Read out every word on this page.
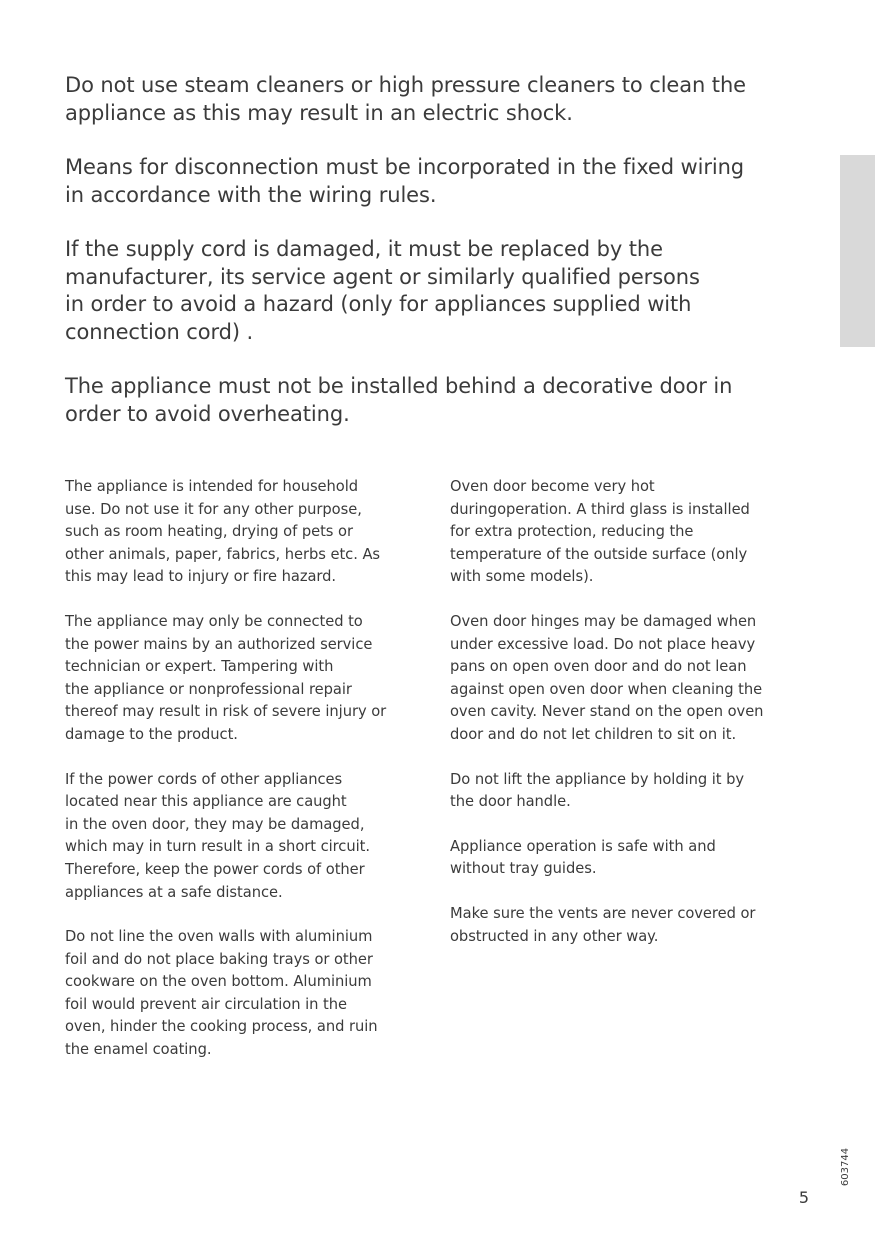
Do not use steam cleaners or high pressure cleaners to clean the
appliance as this may result in an electric shock.

Means for disconnection must be incorporated in the fixed wiring
in accordance with the wiring rules.

If the supply cord is damaged, it must be replaced by the
manufacturer, its service agent or similarly qualified persons
in order to avoid a hazard (only for appliances supplied with
connection cord) .

The appliance must not be installed behind a decorative door in
order to avoid overheating.

The appliance is intended for household
use. Do not use it for any other purpose,
such as room heating, drying of pets or
other animals, paper, fabrics, herbs etc. As
this may lead to injury or fire hazard.

The appliance may only be connected to
the power mains by an authorized service
technician or expert. Tampering with
the appliance or nonprofessional repair
thereof may result in risk of severe injury or
damage to the product.

If the power cords of other appliances
located near this appliance are caught
in the oven door, they may be damaged,
which may in turn result in a short circuit.
Therefore, keep the power cords of other
appliances at a safe distance.

Do not line the oven walls with aluminium
foil and do not place baking trays or other
cookware on the oven bottom. Aluminium
foil would prevent air circulation in the
oven, hinder the cooking process, and ruin
the enamel coating.

Oven door become very hot
duringoperation. A third glass is installed
for extra protection, reducing the
temperature of the outside surface (only
with some models).

Oven door hinges may be damaged when
under excessive load. Do not place heavy
pans on open oven door and do not lean
against open oven door when cleaning the
oven cavity. Never stand on the open oven
door and do not let children to sit on it.

Do not lift the appliance by holding it by
the door handle.

Appliance operation is safe with and
without tray guides.

Make sure the vents are never covered or
obstructed in any other way.

603744
5
